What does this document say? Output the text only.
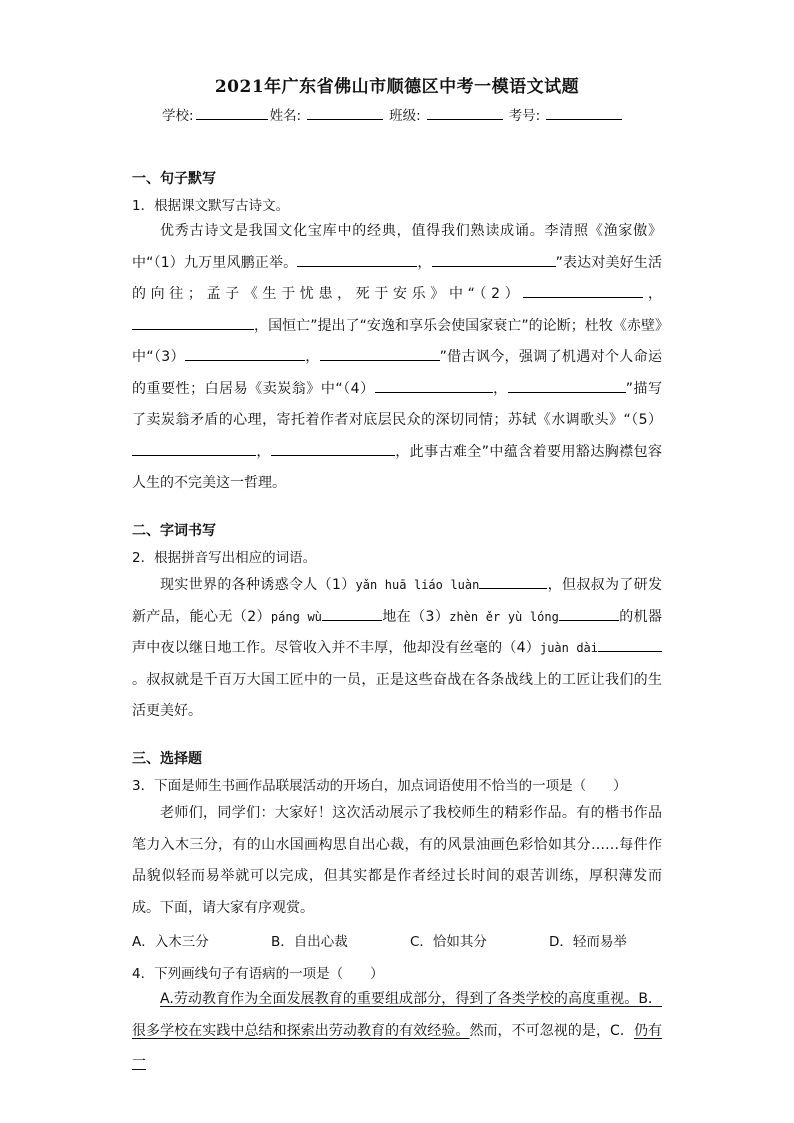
2021年广东省佛山市顺德区中考一模语文试题
学校:	姓名:	班级:	考号:
一、句子默写
1．根据课文默写古诗文。
优秀古诗文是我国文化宝库中的经典，值得我们熟读成诵。李清照《渔家傲》中“（1）九万里风鹏正举。	，	”表达对美好生活的向往；孟子《生于忧患，死于安乐》中“（2）	，，国恒亡”提出了“安逸和享乐会使国家衰亡”的论断；杜牧《赤壁》中“（3）	，	”借古讽今，强调了机遇对个人命运的重要性；白居易《卖炭翁》中“（4）	，	”描写了卖炭翁矛盾的心理，寄托着作者对底层民众的深切同情；苏轼《水调歌头》“（5），	，此事古难全”中蕴含着要用豁达胸襟包容人生的不完美这一哲理。
二、字词书写
2．根据拼音写出相应的词语。
现实世界的各种诱惑令人（1）yǎn huā liáo luàn	，但叔叔为了研发新产品，能心无（2）páng wù	地在（3）zhèn ěr yù lóng	的机器声中夜以继日地工作。尽管收入并不丰厚，他却没有丝毫的（4）juàn dài。叔叔就是千百万大国工匠中的一员，正是这些奋战在各条战线上的工匠让我们的生活更美好。
三、选择题
3．下面是师生书画作品联展活动的开场白，加点词语使用不恰当的一项是（　　）
老师们，同学们：大家好！这次活动展示了我校师生的精彩作品。有的楷书作品笔力入木三分，有的山水国画构思自出心裁，有的风景油画色彩恰如其分……每件作品貌似轻而易举就可以完成，但其实都是作者经过长时间的艰苦训练，厚积薄发而成。下面，请大家有序观赏。
A．入木三分	B．自出心裁	C．恰如其分	D．轻而易举
4．下列画线句子有语病的一项是（　　）
A.劳动教育作为全面发展教育的重要组成部分，得到了各类学校的高度重视。B．很多学校在实践中总结和探索出劳动教育的有效经验。然而，不可忽视的是，C．仍有一
